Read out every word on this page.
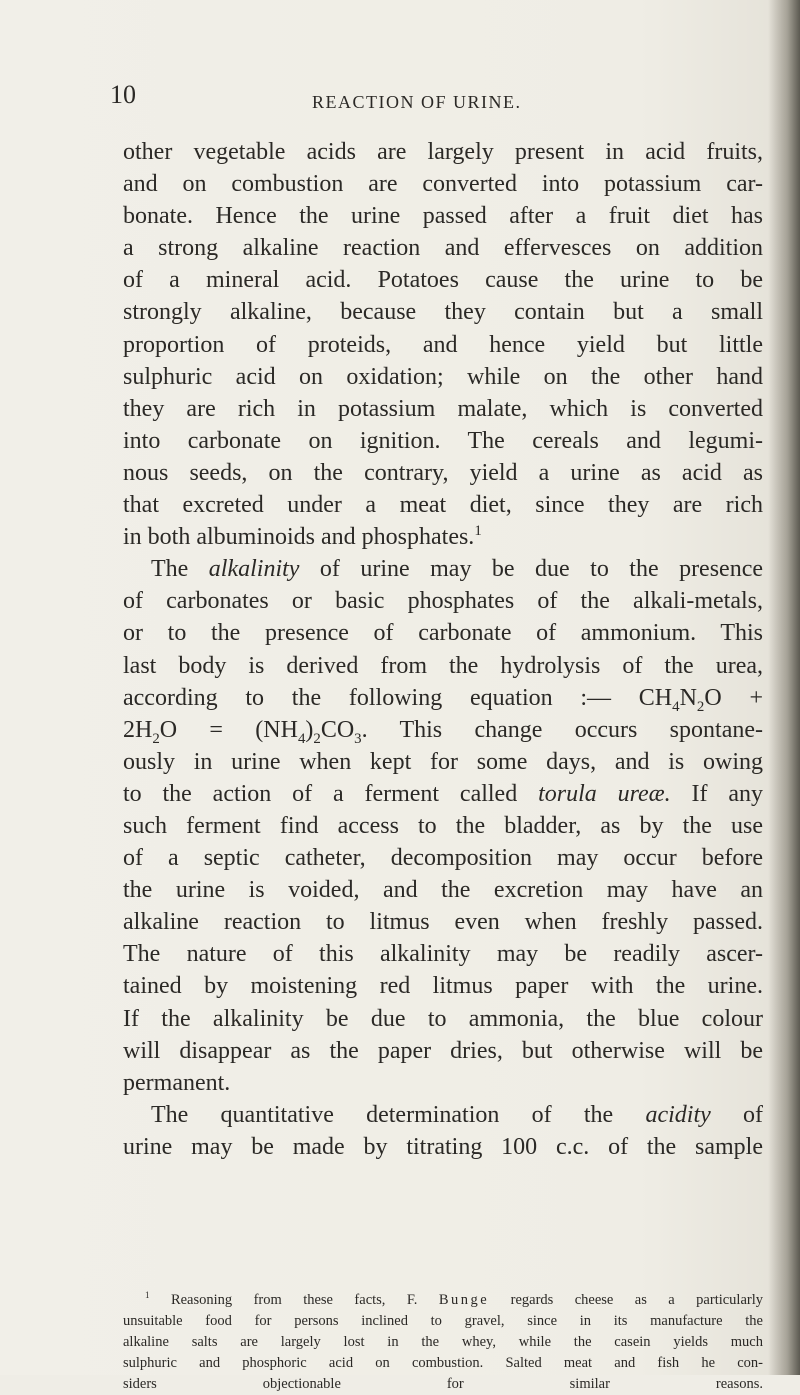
10	REACTION OF URINE.
other vegetable acids are largely present in acid fruits,
and on combustion are converted into potassium car-
bonate. Hence the urine passed after a fruit diet has
a strong alkaline reaction and effervesces on addition
of a mineral acid. Potatoes cause the urine to be
strongly alkaline, because they contain but a small
proportion of proteids, and hence yield but little
sulphuric acid on oxidation; while on the other hand
they are rich in potassium malate, which is converted
into carbonate on ignition. The cereals and legumi-
nous seeds, on the contrary, yield a urine as acid as
that excreted under a meat diet, since they are rich
in both albuminoids and phosphates.$^1$
The alkalinity of urine may be due to the presence
of carbonates or basic phosphates of the alkali-metals,
or to the presence of carbonate of ammonium. This
last body is derived from the hydrolysis of the urea,
according to the following equation :— $CH_4N_2O$ +
$2H_2O = (NH_4)_2CO_3$. This change occurs spontane-
ously in urine when kept for some days, and is owing
to the action of a ferment called torula ureæ. If any
such ferment find access to the bladder, as by the use
of a septic catheter, decomposition may occur before
the urine is voided, and the excretion may have an
alkaline reaction to litmus even when freshly passed.
The nature of this alkalinity may be readily ascer-
tained by moistening red litmus paper with the urine.
If the alkalinity be due to ammonia, the blue colour
will disappear as the paper dries, but otherwise will be
permanent.
The quantitative determination of the acidity of
urine may be made by titrating 100 c.c. of the sample
$^1$ Reasoning from these facts, F. Bunge regards cheese as a particularly
unsuitable food for persons inclined to gravel, since in its manufacture the
alkaline salts are largely lost in the whey, while the casein yields much
sulphuric and phosphoric acid on combustion. Salted meat and fish he con-
siders objectionable for similar reasons.
